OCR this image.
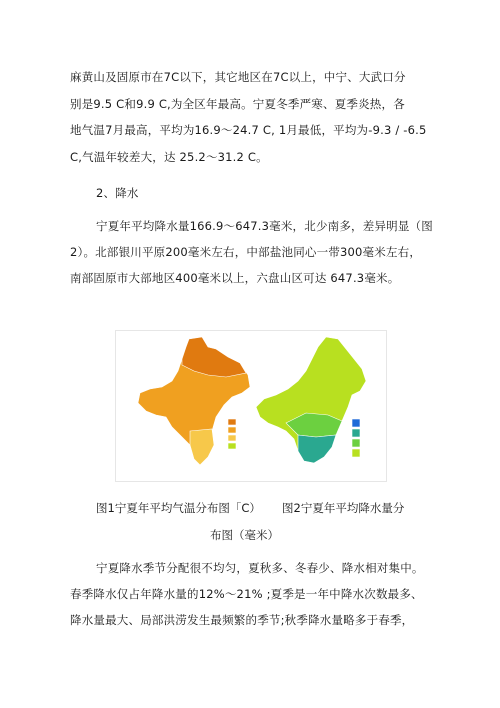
麻黄山及固原市在7C以下，其它地区在7C以上，中宁、大武口分
别是9.5 C和9.9 C,为全区年最高。宁夏冬季严寒、夏季炎热，各
地气温7月最高，平均为16.9～24.7 C, 1月最低，平均为-9.3 / -6.5
C,气温年较差大，达 25.2～31.2 C。
2、降水
宁夏年平均降水量166.9～647.3毫米，北少南多，差异明显（图
2）。北部银川平原200毫米左右，中部盐池同心一带300毫米左右，
南部固原市大部地区400毫米以上，六盘山区可达 647.3毫米。
图1宁夏年平均气温分布图「C） 图2宁夏年平均降水量分
布图（毫米）
宁夏降水季节分配很不均匀，夏秋多、冬春少、降水相对集中。
春季降水仅占年降水量的12%～21% ;夏季是一年中降水次数最多、
降水量最大、局部洪涝发生最频繁的季节;秋季降水量略多于春季，
